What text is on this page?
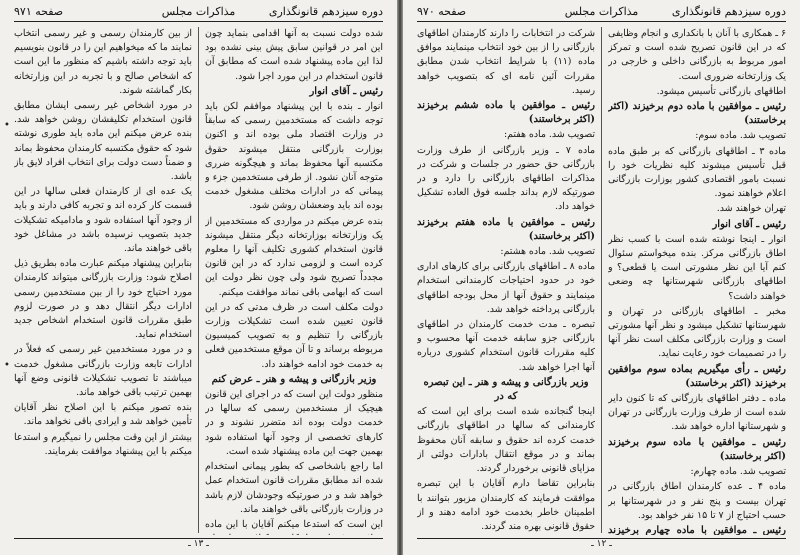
دوره سیزدهم قانونگذاری
مذاکرات مجلس
صفحه ۹۷۱

شده دولت نسبت به آنها اقدامی بنماید چون این امر در قوانین سابق پیش بینی نشده بود لذا این ماده پیشنهاد شده است که مطابق آن قانون استخدام در این مورد اجرا شود.

رئیس ـ آقای انوار

انوار ـ بنده با این پیشنهاد موافقم لکن باید توجه داشت که مستخدمین رسمی که سابقاً در وزارت اقتصاد ملی بوده اند و اکنون بوزارت بازرگانی منتقل میشوند حقوق مکتسبه آنها محفوظ بماند و هیچگونه ضرری متوجه آنان نشود. از طرفی مستخدمین جزء و پیمانی که در ادارات مختلف مشغول خدمت بوده اند باید وضعشان روشن شود.

بنده عرض میکنم در مواردی که مستخدمین از یک وزارتخانه بوزارتخانه دیگر منتقل میشوند قانون استخدام کشوری تکلیف آنها را معلوم کرده است و لزومی ندارد که در این قانون مجدداً تصریح شود ولی چون نظر دولت این است که ابهامی باقی نماند موافقت میکنم.

دولت مکلف است در ظرف مدتی که در این قانون تعیین شده است تشکیلات وزارت بازرگانی را تنظیم و به تصویب کمیسیون مربوطه برساند و تا آن موقع مستخدمین فعلی به خدمت خود ادامه خواهند داد.

وزیر بازرگانی و پیشه و هنر ـ عرض کنم

منظور دولت این است که در اجرای این قانون هیچیک از مستخدمین رسمی که سالها در خدمت دولت بوده اند متضرر نشوند و در کارهای تخصصی از وجود آنها استفاده شود بهمین جهت این ماده پیشنهاد شده است.

اما راجع باشخاصی که بطور پیمانی استخدام شده اند مطابق مقررات قانون استخدام عمل خواهد شد و در صورتیکه وجودشان لازم باشد در وزارت بازرگانی باقی خواهند ماند.

این است که استدعا میکنم آقایان با این ماده

از بین کارمندان رسمی و غیر رسمی انتخاب نمایند ما که میخواهیم این را در قانون بنویسیم باید توجه داشته باشیم که منظور ما این است که اشخاص صالح و با تجربه در این وزارتخانه بکار گماشته شوند.

در مورد اشخاص غیر رسمی ایشان مطابق قانون استخدام تکلیفشان روشن خواهد شد. بنده عرض میکنم این ماده باید طوری نوشته شود که حقوق مکتسبه کارمندان محفوظ بماند و ضمناً دست دولت برای انتخاب افراد لایق باز باشد.

یک عده ای از کارمندان فعلی سالها در این قسمت کار کرده اند و تجربه کافی دارند و باید از وجود آنها استفاده شود و مادامیکه تشکیلات جدید بتصویب نرسیده باشد در مشاغل خود باقی خواهند ماند.

بنابراین پیشنهاد میکنم عبارت ماده بطریق ذیل اصلاح شود: وزارت بازرگانی میتواند کارمندان مورد احتیاج خود را از بین مستخدمین رسمی ادارات دیگر انتقال دهد و در صورت لزوم طبق مقررات قانون استخدام اشخاص جدید استخدام نماید.

و در مورد مستخدمین غیر رسمی که فعلاً در ادارات تابعه وزارت بازرگانی مشغول خدمت میباشند تا تصویب تشکیلات قانونی وضع آنها بهمین ترتیب باقی خواهد ماند.

بنده تصور میکنم با این اصلاح نظر آقایان تأمین خواهد شد و ایرادی باقی نخواهد ماند.

بیشتر از این وقت مجلس را نمیگیرم و استدعا میکنم با این پیشنهاد موافقت بفرمایند.

•
•
ـ ۱۳ ـ
دوره سیزدهم قانونگذاری
مذاکرات مجلس
صفحه ۹۷۰

۶ ـ همکاری با آنان با بانکداری و انجام وظایفی که در این قانون تصریح شده است و تمرکز امور مربوط به بازرگانی داخلی و خارجی در یک وزارتخانه ضروری است.

اطاقهای بازرگانی تأسیس میشود.

رئیس ـ موافقین با ماده دوم برخیزند (اکثر برخاستند)

تصویب شد. ماده سوم:

ماده ۳ ـ اطاقهای بازرگانی که بر طبق ماده قبل تأسیس میشوند کلیه نظریات خود را نسبت بامور اقتصادی کشور بوزارت بازرگانی اعلام خواهند نمود.

تهران خواهند شد.

رئیس ـ آقای انوار

انوار ـ اینجا نوشته شده است با کسب نظر اطاق بازرگانی مرکز. بنده میخواستم سئوال کنم آیا این نظر مشورتی است یا قطعی؟ و اطاقهای بازرگانی شهرستانها چه وضعی خواهند داشت؟

مخبر ـ اطاقهای بازرگانی در تهران و شهرستانها تشکیل میشود و نظر آنها مشورتی است و وزارت بازرگانی مکلف است نظر آنها را در تصمیمات خود رعایت نماید.

رئیس ـ رأی میگیریم بماده سوم موافقین برخیزند (اکثر برخاستند)

ماده ـ دفتر اطاقهای بازرگانی که تا کنون دایر شده است از طرف وزارت بازرگانی در تهران و شهرستانها اداره خواهد شد.

رئیس ـ موافقین با ماده سوم برخیزند (اکثر برخاستند)

تصویب شد. ماده چهارم:

ماده ۴ ـ عده کارمندان اطاق بازرگانی در تهران بیست و پنج نفر و در شهرستانها بر حسب احتیاج از ۷ تا ۱۵ نفر خواهد بود.

رئیس ـ موافقین با ماده چهارم برخیزند

شرکت در انتخابات را دارند کارمندان اطاقهای بازرگانی را از بین خود انتخاب مینمایند موافق ماده (۱۱) با شرایط انتخاب شدن مطابق مقررات آئین نامه ای که بتصویب خواهد رسید.

رئیس ـ موافقین با ماده ششم برخیزند (اکثر برخاستند)

تصویب شد. ماده هفتم:

ماده ۷ ـ وزیر بازرگانی از طرف وزارت بازرگانی حق حضور در جلسات و شرکت در مذاکرات اطاقهای بازرگانی را دارد و در صورتیکه لازم بداند جلسه فوق العاده تشکیل خواهد داد.

رئیس ـ موافقین با ماده هفتم برخیزند (اکثر برخاستند)

تصویب شد. ماده هشتم:

ماده ۸ ـ اطاقهای بازرگانی برای کارهای اداری خود در حدود احتیاجات کارمندانی استخدام مینمایند و حقوق آنها از محل بودجه اطاقهای بازرگانی پرداخته خواهد شد.

تبصره ـ مدت خدمت کارمندان در اطاقهای بازرگانی جزو سابقه خدمت آنها محسوب و کلیه مقررات قانون استخدام کشوری درباره آنها اجرا خواهد شد.

وزیر بازرگانی و پیشه و هنر ـ این تبصره که در

اینجا گنجانده شده است برای این است که کارمندانی که سالها در اطاقهای بازرگانی خدمت کرده اند حقوق و سابقه آنان محفوظ بماند و در موقع انتقال بادارات دولتی از مزایای قانونی برخوردار گردند.

بنابراین تقاضا دارم آقایان با این تبصره موافقت فرمایند که کارمندان مزبور بتوانند با اطمینان خاطر بخدمت خود ادامه دهند و از حقوق قانونی بهره مند گردند.

ـ ۱۲ ـ
